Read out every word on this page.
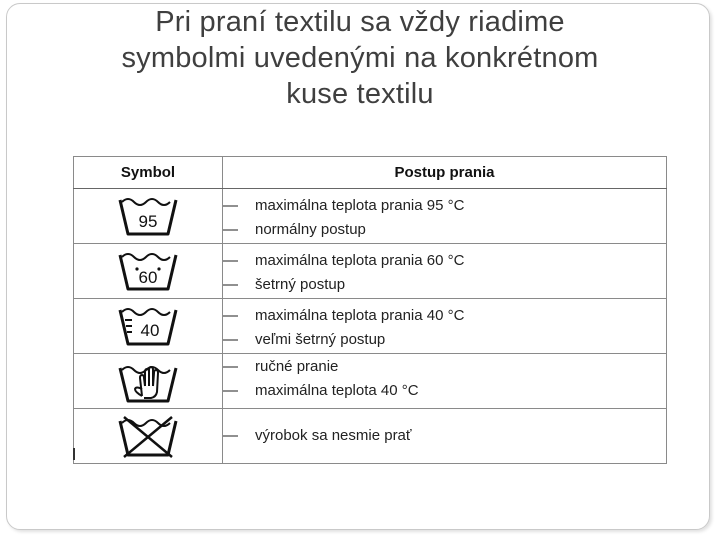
Pri praní textilu sa vždy riadime
symbolmi uvedenými na konkrétnom
kuse textilu
Symbol	Postup prania

95	— maximálna teplota prania 95 °C
— normálny postup

60	— maximálna teplota prania 60 °C
— šetrný postup

40	— maximálna teplota prania 40 °C
— veľmi šetrný postup

— ručné pranie
— maximálna teplota 40 °C

— výrobok sa nesmie prať
